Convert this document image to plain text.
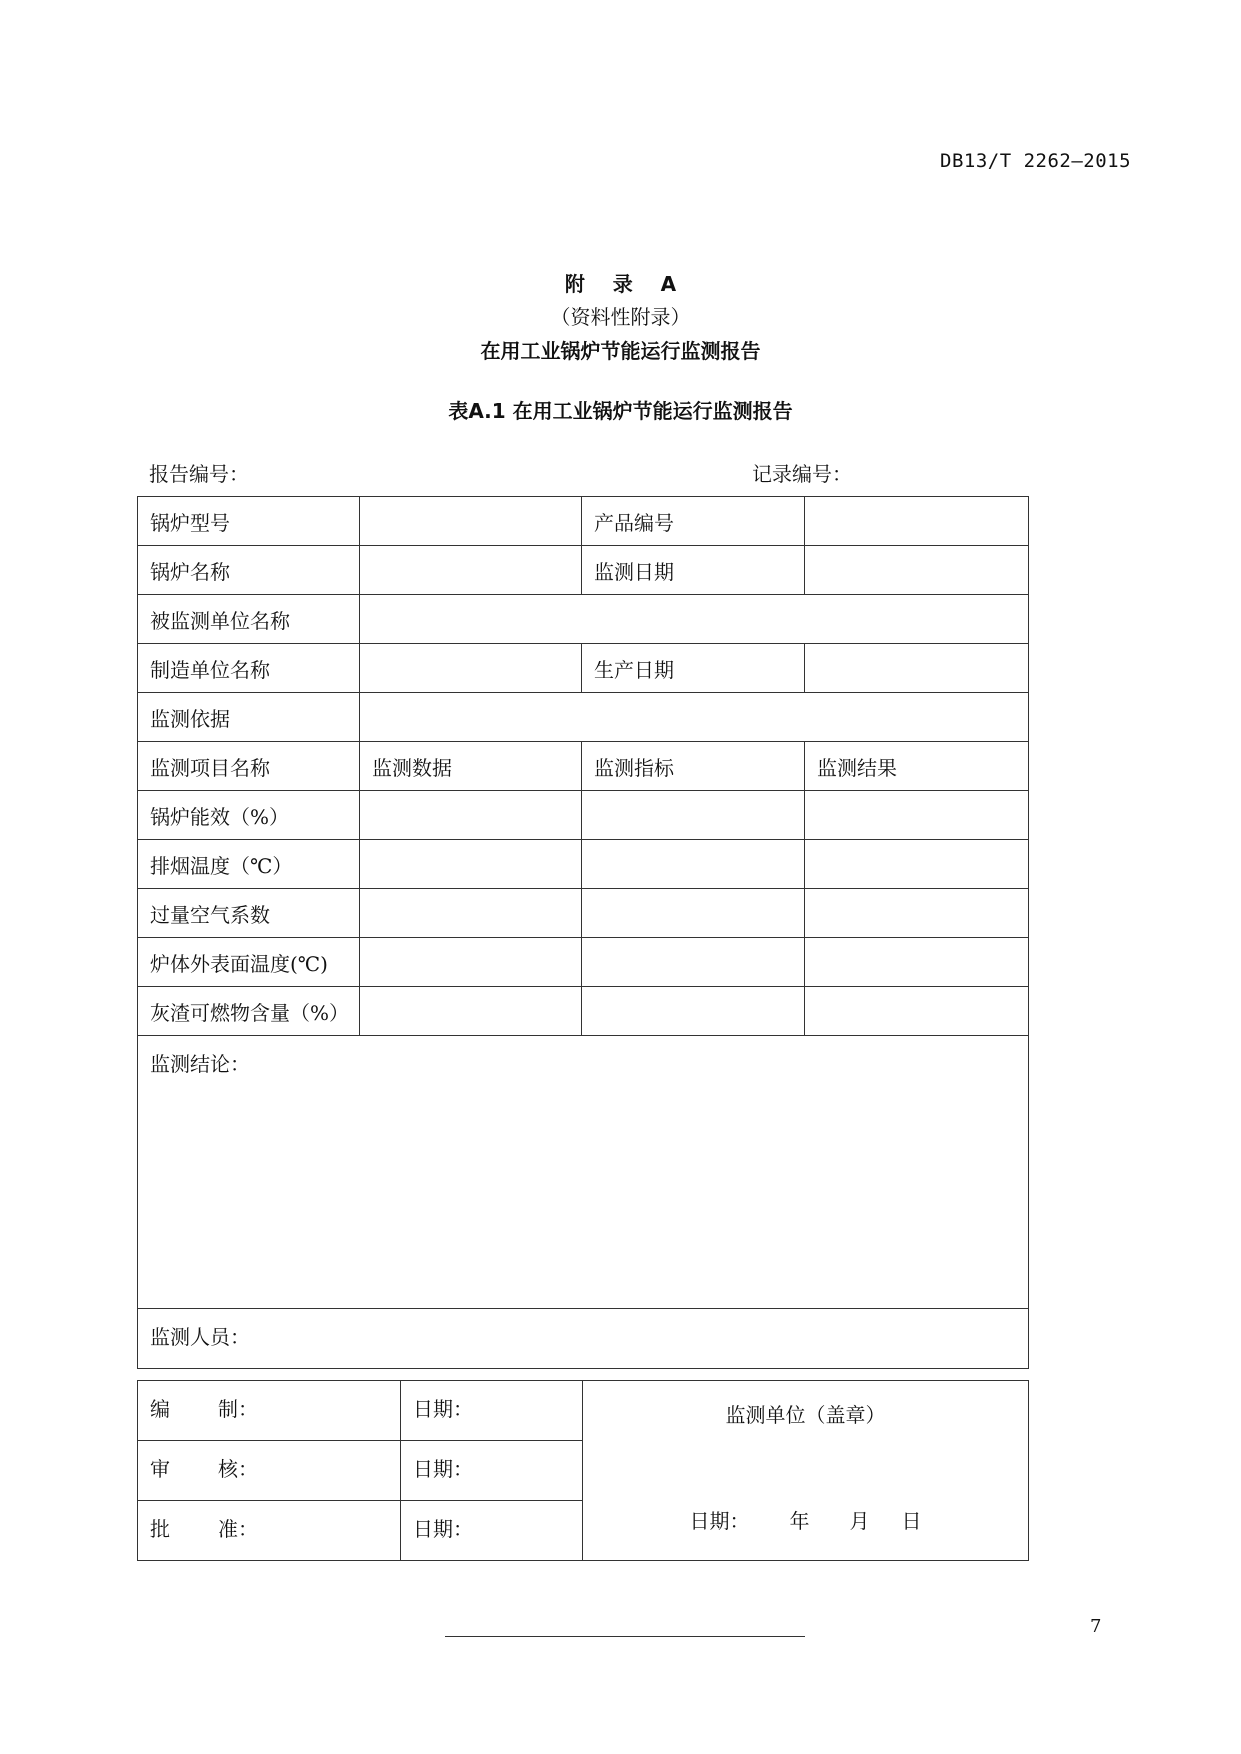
DB13/T 2262—2015
附 录 A
（资料性附录）
在用工业锅炉节能运行监测报告
表A.1 在用工业锅炉节能运行监测报告
报告编号：	记录编号：
锅炉型号		产品编号	
锅炉名称		监测日期	
被监测单位名称			
制造单位名称		生产日期	
监测依据			
监测项目名称	监测数据	监测指标	监测结果
锅炉能效（%）			
排烟温度（℃）			
过量空气系数			
炉体外表面温度(℃)			
灰渣可燃物含量（%）			
监测结论：			
监测人员：			
编 制：	日期：	监测单位（盖章）
日期： 年 月 日

审 核：	日期：	
批 准：	日期：	
7
